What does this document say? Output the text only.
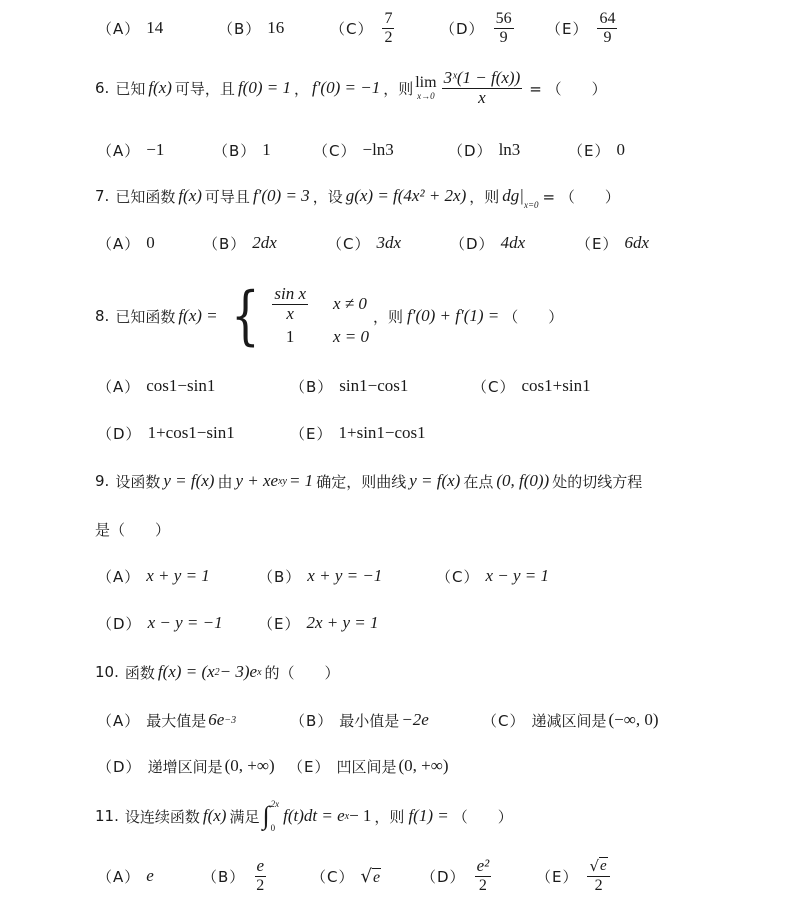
（A） 14	（B） 16	$(C) \frac{7}{2}$	$(D) \frac{56}{9} (E) \frac{64}{9}$
6. 已知 f(x) 可导，且 f(0) = 1 ， f′(0) = −1 ，则 lim
$x\to 0 \frac{\text{3ˣ(1 − f(x))}}{x}$ = （　　）
（A） −1	（B） 1	（C） −ln3	（D） ln3	（E） 0
7. 已知函数 f(x) 可导且 f′(0) = 3 ，设 g(x) = f(4x² + 2x) ，则 dg| x=0 = （　　）
（A） 0	（B） 2dx	（C） 3dx	（D） 4dx	（E） 6dx
8. 已知函数 f(x) = { $\frac{\text{sin x}}{x}$ x ≠ 0
1	x = 0
，则 f′(0) + f′(1) = （　　）
（A） cos1−sin1	（B） sin1−cos1	（C） cos1+sin1
（D） 1+cos1−sin1	（E） 1+sin1−cos1
9. 设函数 y = f(x) 由 y + xe xy = 1 确定，则曲线 y = f(x) 在点 (0, f(0)) 处的切线方程
是（　　）
（A） x + y = 1	（B） x + y = −1	（C） x − y = 1
（D） x − y = −1 （E） 2x + y = 1
10. 函数 f(x) = (x 2 − 3)e x 的（　　）
（A） 最大值是 6e −3	（B） 最小值是 −2e	（C） 递减区间是 (−∞, 0)
（D） 递增区间是 (0, +∞) （E） 凹区间是 (0, +∞)
11. 设连续函数 f(x) 满足 ∫ 2x
0
f(t)dt = e x − 1 ，则 f(1) = （　　）
（A） e	$(B) \frac{e}{2}$	（C） √ e	$(D) \frac{\text{e²}}{2}$	$(E) \frac{√ e}{2}$
